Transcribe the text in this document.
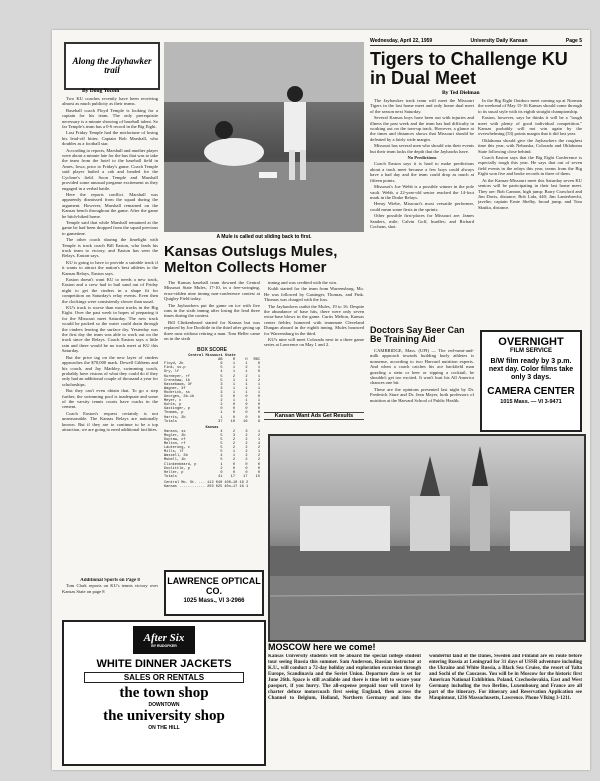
Wednesday, April 22, 1959	University Daily Kansan	Page 5
Along the Jayhawker trail
By Doug Yocom

Two KU coaches recently have been receiving almost as much publicity as their teams.

Baseball coach Floyd Temple is looking for a captain for his team. The only prerequisite necessary is a minute showing of baseball talent. So far Temple's team has a 0-6 record in the Big Eight.

Last Friday Temple had the misfortune of losing his lead-off hitter, Captain Bob Marshall, who doubles as a football star.

According to reports, Marshall and another player were about a minute late for the bus that was to take the team from the hotel to the baseball field in Ames, Iowa, prior to Friday's game. Coach Temple said player hailed a cab and headed for the Cyclone's field. Soon Temple and Marshall provided some unusual pregame excitement as they engaged in a verbal battle.

Here the reports conflict. Marshall was apparently dismissed from the squad during the argument. However, Marshall remained on the Kansas bench throughout the game. After the game he hitch-hiked home.

Temple said that while Marshall remained at the game he had been dropped from the squad previous to gametime.

The other coach sharing the limelight with Temple is track coach Bill Easton, who leads his track team to victory, and Easton has seen the Relays. Easton says.

KU is going to have to provide a suitable track if it wants to attract the nation's best athletes to the Kansas Relays, Easton says.

Easton doesn't want KU to needs a new track, Easton and a crew had to bail sand out of Friday night to get the cinders in a shape fit for competition on Saturday's relay events. Even then the clockings were consistently slower than usual.

KU's track is worse than most tracks in the Big Eight. Over the past week in hopes of preparing it for the Missouri meet Saturday. The new track would be packed so the water could drain through the cinders leaving the surface dry. Yesterday was the first day the team was able to work out on the track since the Relays. Coach Easton says a little rain and there would be no track meet at KU this Saturday.

But the price tag on the new layer of cinders approaches the $70,000 mark. Dewell Gibbens and his coach, and Jay Markley, swimming coach, probably have visions of what they could do if they only had an additional couple of thousand a year for scholarships.

But they can't even obtain that. To go a step further, the swimming pool is inadequate and some of the varsity tennis courts have cracks in the cement.

Coach Easton's request certainly is not unreasonable. The Kansas Relays are nationally known. But if they are to continue to be a top attraction, we are going to need additional facilities.

Additional Sports on Page 8

Tom Clark reports on KU's tennis victory over Kansas State on page 8

A Mule is called out sliding back to first.
Kansas Outslugs Mules, Melton Collects Homer

The Kansas baseball team downed the Central Missouri State Mules, 17-10, in a free-swinging, error-ridden nine inning non-conference contest at Quigley Field today.

The Jayhawkers put the game on ice with five runs in the sixth inning after losing the lead three times during the contest.

Bill Clinkenbeard started for Kansas but was replaced by Joe Doolittle in the third after giving up three runs without retiring a man. Tom Heller came on in the sixth

BOX SCORE
Central Missouri State
AB	R	H	RBI
Floyd, 2b	6	1	1	0
Fink, ss-p	5	1	2	1
Dry, lf	4	1	1	0
Kurmeyer, rf	5	2	2	1
Crenshaw, 1b	5	1	1	2
Kassebaum, 3f	3	1	1	1
Wagner, 3f	3	1	1	1
Roderick, ss	3	1	1	1
Georges, 3b-ib	3	0	0	0
Meyer, c	2	1	1	1
Kuhle, p	2	0	0	0
Gastinger, p	0	0	0	0
Thomas, p	1	0	0	0
Harris, 2b	1	0	0	0
Totals	37	10	16	9
Kansas
Hanson, ss	4	2	3	1
Mogler, 2b	5	3	2	2
Dupraw, cf	5	2	2	1
Melton, rf	5	2	2	4
Lauterung, c	5	2	2	2
Mills, lf	5	1	2	1
Wassell, 3b	4	1	2	2
Mobell, 1b	5	2	2	2
Clinkenbeard, p	1	0	0	0
Doolittle, p	2	0	0	0
Heller, p	0	0	0	0
Totals	41	17	17	15
Central Mo. St. ... 112 040 100—10 16 2
Kansas ............ 203 025 40x—17 16 1

inning and was credited with the win.

Kuhli started for the team from Warrensburg, Mo. He was followed by Gastinger, Thomas, and Fink. Thomas was charged with the loss.

The Jayhawkers outhit the Mules, 19 to 16. Despite the abundance of base hits, there were only seven extra-base blows in the game. Curtis Melton, Kansas center fielder, homered with teammate Cleveland Dungan aboard in the eighth inning. Mules bounced for Warrensburg in the third.

KU's nine will meet Colorado next in a three game series at Lawrence on May 1 and 2.

Kansan Want Ads Get Results
LAWRENCE OPTICAL CO.
1025 Mass., VI 3-2966
After Six
BY RUDOFKER
WHITE DINNER JACKETS
SALES OR RENTALS
the town shop
DOWNTOWN
the university shop
ON THE HILL
Tigers to Challenge KU in Dual Meet
By Ted Dielman

The Jayhawker track team will meet the Missouri Tigers in the last home meet and only home dual meet of the season next Saturday.

Several Kansas boys have been out with injuries and illness the past week and the team has had difficulty in working out on the torn-up track. However, a glance at the times and distances shows that Missouri should be defeated by a fairly wide margin.

Missouri has several men who should win their events but their team lacks the depth that the Jayhawks have.

No Predictions

Coach Easton says it is hard to make predictions about a track meet because a few boys could always have a bad day and the team could drop as much at fifteen points.

Missouri's Joe Webb is a possible winner in the pole vault. Webb, a 22-year-old senior reached the 14-foot mark in the Drake Relays.

Henry Wiebe, Missouri's most versatile performer, could mean some firsts in the sprints.

Other possible first-places for Missouri are: James Sanders, mile; Calvin Goff, hurdles; and Richard Cochran, shot.

In the Big Eight Outdoor meet coming up at Norman the weekend of May 15-16 Kansas should come through to its usual style with its eighth straight championship.

Easton, however, says he thinks it will be a "tough meet with plenty of good individual competition." Kansas probably will not win again by the overwhelming (53) points margin that it did last year.

Oklahoma should give the Jayhawkers the roughest time this year, with Nebraska, Colorado and Oklahoma State following close behind.

Coach Easton says that the Big Eight Conference is especially tough this year. He says that out of seven field events in the relays this year, teams from the Big Eight won five and broke records in three of them.

At the Kansas-Missouri meet this Saturday seven KU seniors will be participating in their last home meet. They are: Bob Cannon, high jump; Barry Crawford and Jim Davis, distance; Bob Lida, 440; Jim Lanterbrecht, javelin; captain Ernie Shelby, broad jump, and Tom Skutka, distance.

Doctors Say Beer Can Be Training Aid

CAMBRIDGE, Mass. (UPI) — The red-meat-and-milk approach towards building burly athletes is nonsense, according to two Harvard nutrition experts. And when a coach catches his ace backfield man guzzling a stein or beer or sipping a cocktail, he shouldn't get too excited. It won't hurt his All America chances one bit.

These are the opinions presented last night by Dr. Frederick Stare and Dr. Jean Mayer, both professors of nutrition at the Harvard School of Public Health.

OVERNIGHT
FILM SERVICE
B/W film ready by 3 p.m. next day. Color films take only 3 days.
CAMERA CENTER
1015 Mass. — VI 3-9471
MOSCOW here we come!
Kansas University students will be aboard the special college student tour seeing Russia this summer. Sam Anderson, Russian instructor at K.U., will conduct a 72-day holiday and exploration excursion through Europe, Scandinavia and the Soviet Union. Departure date is set for June 26th. Space is still available and there is time left to secure your passport, if you hurry. The all-expense prepaid tour will travel by charter deluxe motorcoach first seeing England, then across the Channel to Belgium, Holland, Northern Germany and into the wonderful land of the Danes, Sweden and Finland are en route before entering Russia at Leningrad for 31 days of USSR adventure including the Ukraine and White Russia, a Black Sea Cruise, the resort of Yalta and Sochi of the Caucasus. You will be in Moscow for the historic first American National Exhibition. Poland, Czechoslovakia, East and West Germany including the two Berlins, Luxembourg and France are all part of the itinerary. For itinerary and Reservation Application see Maupintour, 1236 Massachusetts, Lawrence. Phone VIking 3-1211.
